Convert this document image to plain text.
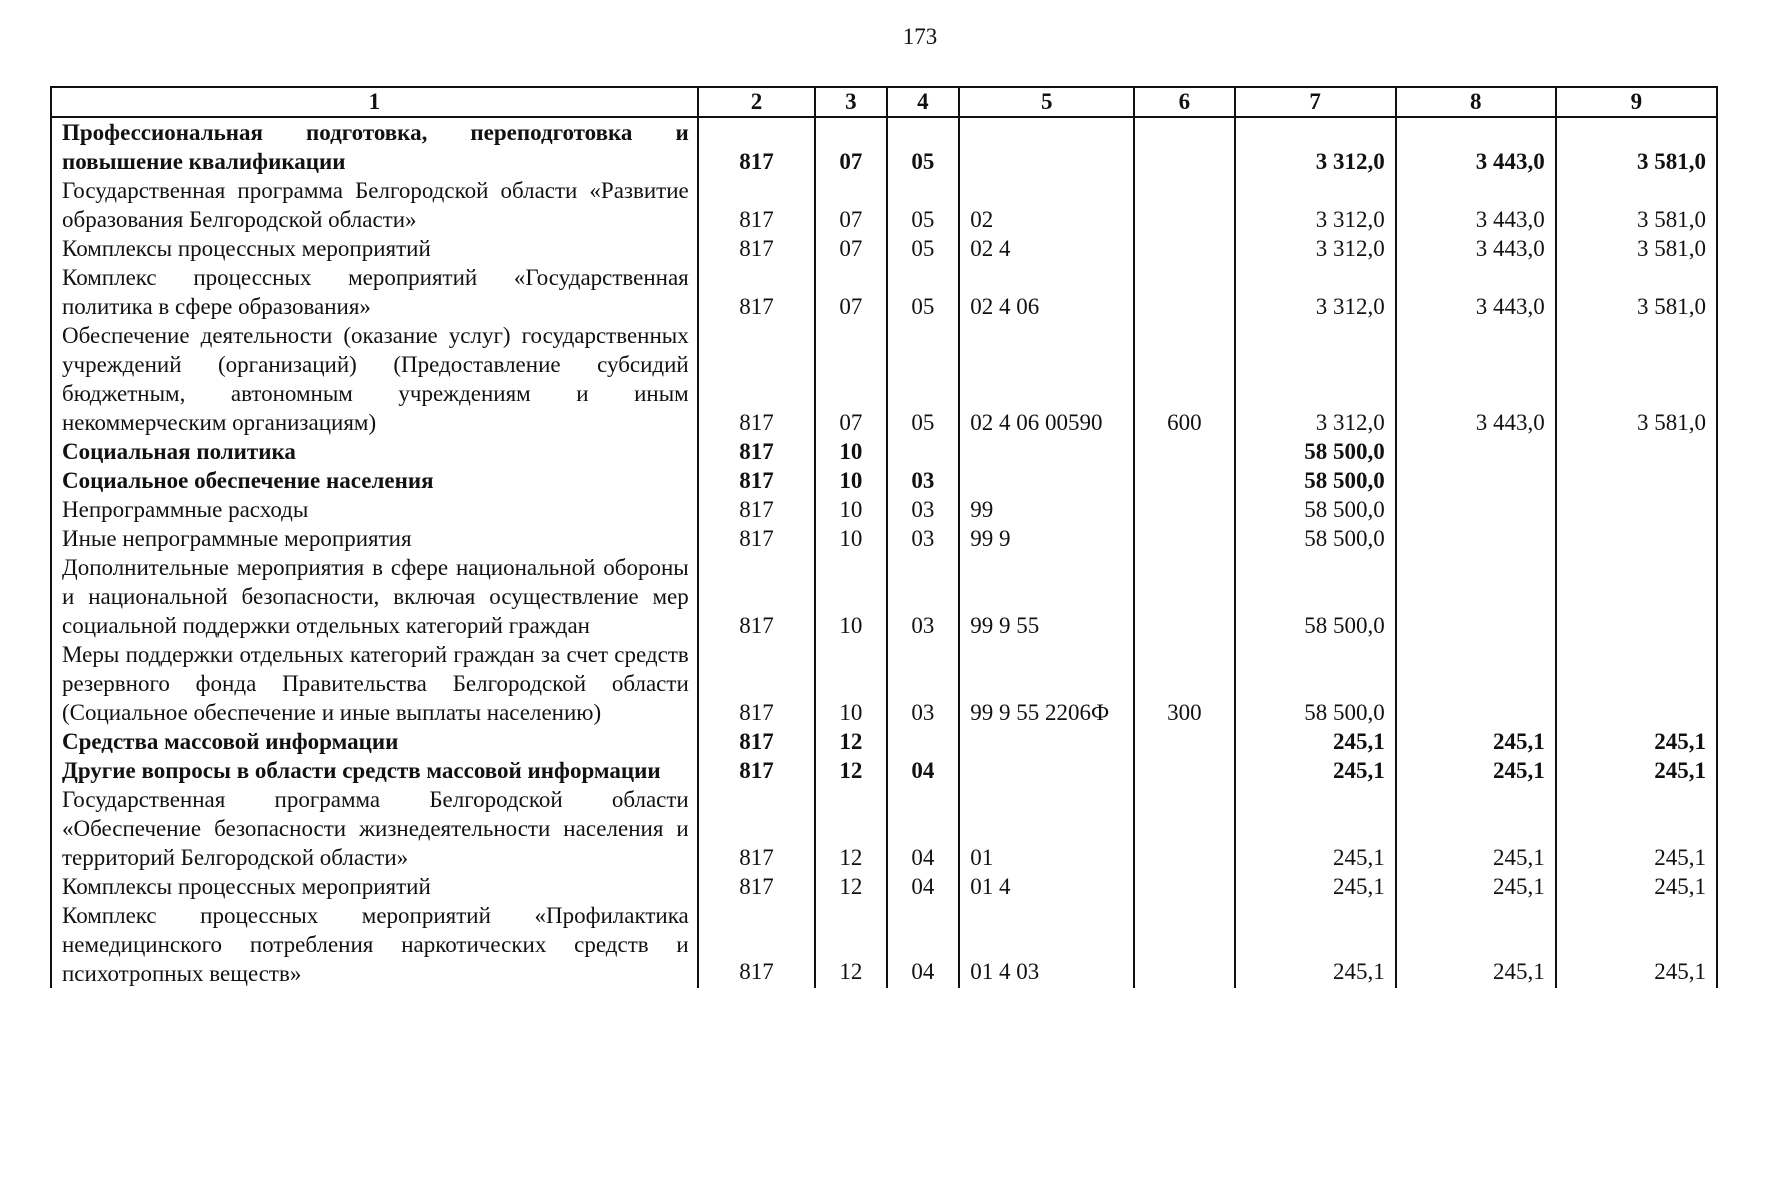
173
1	2	3	4	5	6	7	8	9
Профессиональная подготовка, переподготовка и повышение квалификации	817	07	05			3 312,0	3 443,0	3 581,0
Государственная программа Белгородской области «Развитие образования Белгородской области»	817	07	05	02		3 312,0	3 443,0	3 581,0
Комплексы процессных мероприятий	817	07	05	02 4		3 312,0	3 443,0	3 581,0
Комплекс процессных мероприятий «Государственная политика в сфере образования»	817	07	05	02 4 06		3 312,0	3 443,0	3 581,0
Обеспечение деятельности (оказание услуг) государственных учреждений (организаций) (Предоставление субсидий бюджетным, автономным учреждениям и иным некоммерческим организациям)	817	07	05	02 4 06 00590	600	3 312,0	3 443,0	3 581,0
Социальная политика	817	10				58 500,0		
Социальное обеспечение населения	817	10	03			58 500,0		
Непрограммные расходы	817	10	03	99		58 500,0		
Иные непрограммные мероприятия	817	10	03	99 9		58 500,0		
Дополнительные мероприятия в сфере национальной обороны и национальной безопасности, включая осуществление мер социальной поддержки отдельных категорий граждан	817	10	03	99 9 55		58 500,0		
Меры поддержки отдельных категорий граждан за счет средств резервного фонда Правительства Белгородской области (Социальное обеспечение и иные выплаты населению)	817	10	03	99 9 55 2206Ф	300	58 500,0		
Средства массовой информации	817	12				245,1	245,1	245,1
Другие вопросы в области средств массовой информации	817	12	04			245,1	245,1	245,1
Государственная программа Белгородской области «Обеспечение безопасности жизнедеятельности населения и территорий Белгородской области»	817	12	04	01		245,1	245,1	245,1
Комплексы процессных мероприятий	817	12	04	01 4		245,1	245,1	245,1
Комплекс процессных мероприятий «Профилактика немедицинского потребления наркотических средств и психотропных веществ»	817	12	04	01 4 03		245,1	245,1	245,1
